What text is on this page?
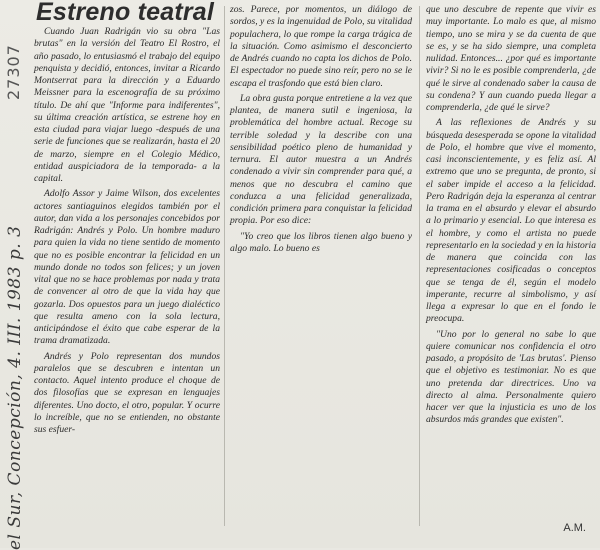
27307
el Sur, Concepción, 4. III. 1983 p. 3
Estreno teatral

Cuando Juan Radrigán vio su obra "Las brutas" en la versión del Teatro El Rostro, el año pasado, lo entusiasmó el trabajo del equipo penquista y decidió, entonces, invitar a Ricardo Montserrat para la dirección y a Eduardo Meissner para la escenografía de su próximo título. De ahí que "Informe para indiferentes", su última creación artística, se estrene hoy en esta ciudad para viajar luego -después de una serie de funciones que se realizarán, hasta el 20 de marzo, siempre en el Colegio Médico, entidad auspiciadora de la temporada- a la capital.

Adolfo Assor y Jaime Wilson, dos excelentes actores santiaguinos elegidos también por el autor, dan vida a los personajes concebidos por Radrigán: Andrés y Polo. Un hombre maduro para quien la vida no tiene sentido de momento que no es posible encontrar la felicidad en un mundo donde no todos son felices; y un joven vital que no se hace problemas por nada y trata de convencer al otro de que la vida hay que gozarla. Dos opuestos para un juego dialéctico que resulta ameno con la sola lectura, anticipándose el éxito que cabe esperar de la trama dramatizada.

Andrés y Polo representan dos mundos paralelos que se descubren e intentan un contacto. Aquel intento produce el choque de dos filosofías que se expresan en lenguajes diferentes. Uno docto, el otro, popular. Y ocurre lo increíble, que no se entienden, no obstante sus esfuer-

zos. Parece, por momentos, un diálogo de sordos, y es la ingenuidad de Polo, su vitalidad populachera, lo que rompe la carga trágica de la situación. Como asimismo el desconcierto de Andrés cuando no capta los dichos de Polo. El espectador no puede sino reír, pero no se le escapa el trasfondo que está bien claro.

La obra gusta porque entretiene a la vez que plantea, de manera sutil e ingeniosa, la problemática del hombre actual. Recoge su terrible soledad y la describe con una sensibilidad poético pleno de humanidad y ternura. El autor muestra a un Andrés condenado a vivir sin comprender para qué, a menos que no descubra el camino que conduzca a una felicidad generalizada, condición primera para conquistar la felicidad propia. Por eso dice:

"Yo creo que los libros tienen algo bueno y algo malo. Lo bueno es

que uno descubre de repente que vivir es muy importante. Lo malo es que, al mismo tiempo, uno se mira y se da cuenta de que se es, y se ha sido siempre, una completa nulidad. Entonces... ¿por qué es importante vivir? Si no le es posible comprenderla, ¿de qué le sirve al condenado saber la causa de su condena? Y aun cuando pueda llegar a comprenderla, ¿de qué le sirve?

A las reflexiones de Andrés y su búsqueda desesperada se opone la vitalidad de Polo, el hombre que vive el momento, casi inconscientemente, y es feliz así. Al extremo que uno se pregunta, de pronto, si el saber impide el acceso a la felicidad. Pero Radrigán deja la esperanza al centrar la trama en el absurdo y elevar el absurdo a lo primario y esencial. Lo que interesa es el hombre, y como el artista no puede representarlo en la sociedad y en la historia de manera que coincida con las representaciones cosificadas o conceptos que se tenga de él, según el modelo imperante, recurre al simbolismo, y así llega a expresar lo que en el fondo le preocupa.

"Uno por lo general no sabe lo que quiere comunicar nos confidencia el otro pasado, a propósito de 'Las brutas'. Pienso que el objetivo es testimoniar. No es que uno pretenda dar directrices. Uno va directo al alma. Personalmente quiero hacer ver que la injusticia es uno de los absurdos más grandes que existen".

A.M.
